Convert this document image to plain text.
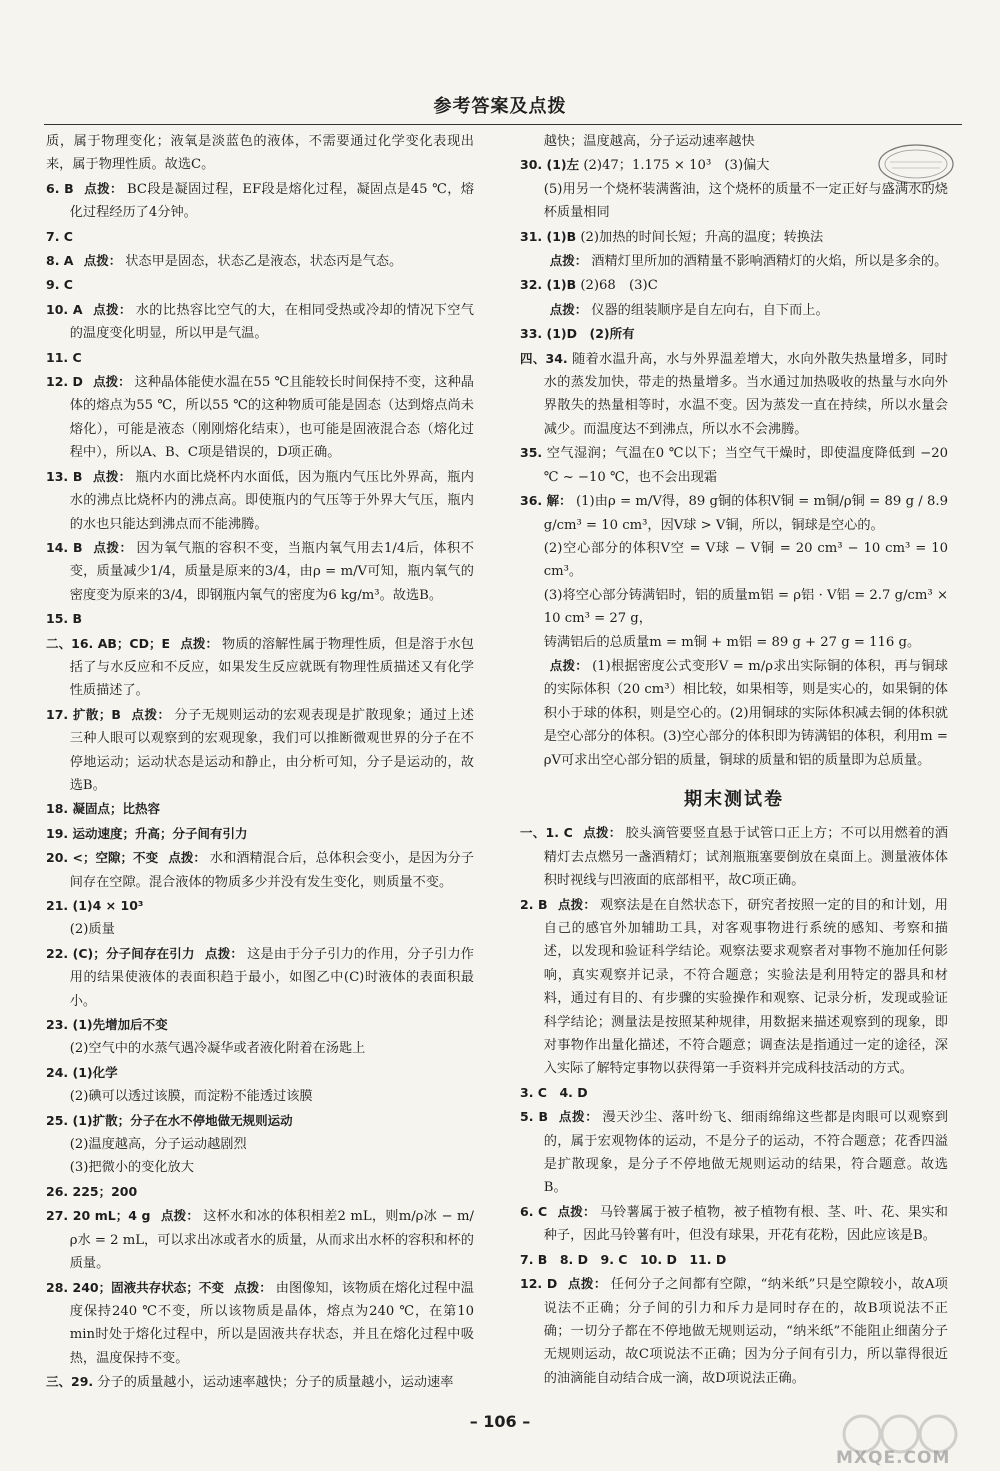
参考答案及点拨

质，属于物理变化；液氧是淡蓝色的液体，不需要通过化学变化表现出来，属于物理性质。故选C。

6. B 点拨： BC段是凝固过程，EF段是熔化过程，凝固点是45 ℃，熔化过程经历了4分钟。

7. C

8. A 点拨： 状态甲是固态，状态乙是液态，状态丙是气态。

9. C

10. A 点拨： 水的比热容比空气的大，在相同受热或冷却的情况下空气的温度变化明显，所以甲是气温。

11. C

12. D 点拨： 这种晶体能使水温在55 ℃且能较长时间保持不变，这种晶体的熔点为55 ℃，所以55 ℃的这种物质可能是固态（达到熔点尚未熔化），可能是液态（刚刚熔化结束），也可能是固液混合态（熔化过程中），所以A、B、C项是错误的，D项正确。

13. B 点拨： 瓶内水面比烧杯内水面低，因为瓶内气压比外界高，瓶内水的沸点比烧杯内的沸点高。即使瓶内的气压等于外界大气压，瓶内的水也只能达到沸点而不能沸腾。

14. B 点拨： 因为氧气瓶的容积不变，当瓶内氧气用去1/4后，体积不变，质量减少1/4，质量是原来的3/4，由ρ = m/V可知，瓶内氧气的密度变为原来的3/4，即钢瓶内氧气的密度为6 kg/m³。故选B。

15. B

二、16. AB；CD；E 点拨： 物质的溶解性属于物理性质，但是溶于水包括了与水反应和不反应，如果发生反应就既有物理性质描述又有化学性质描述了。

17. 扩散；B 点拨： 分子无规则运动的宏观表现是扩散现象；通过上述三种人眼可以观察到的宏观现象，我们可以推断微观世界的分子在不停地运动；运动状态是运动和静止，由分析可知，分子是运动的，故选B。

18. 凝固点；比热容

19. 运动速度；升高；分子间有引力

20. <；空隙；不变 点拨： 水和酒精混合后，总体积会变小，是因为分子间存在空隙。混合液体的物质多少并没有发生变化，则质量不变。

21. (1)4 × 10³

(2)质量

22. (C)；分子间存在引力 点拨： 这是由于分子引力的作用，分子引力作用的结果使液体的表面积趋于最小，如图乙中(C)时液体的表面积最小。

23. (1)先增加后不变

(2)空气中的水蒸气遇冷凝华或者液化附着在汤匙上

24. (1)化学

(2)碘可以透过该膜，而淀粉不能透过该膜

25. (1)扩散；分子在水不停地做无规则运动

(2)温度越高，分子运动越剧烈

(3)把微小的变化放大

26. 225；200

27. 20 mL；4 g 点拨： 这杯水和冰的体积相差2 mL，则m/ρ冰 − m/ρ水 = 2 mL，可以求出冰或者水的质量，从而求出水杯的容积和杯的质量。

28. 240；固液共存状态；不变 点拨： 由图像知，该物质在熔化过程中温度保持240 ℃不变，所以该物质是晶体，熔点为240 ℃，在第10 min时处于熔化过程中，所以是固液共存状态，并且在熔化过程中吸热，温度保持不变。

三、29. 分子的质量越小，运动速率越快；分子的质量越小，运动速率

越快；温度越高，分子运动速率越快

30. (1)左 (2)47；1.175 × 10³　(3)偏大

(5)用另一个烧杯装满酱油，这个烧杯的质量不一定正好与盛满水的烧杯质量相同

31. (1)B (2)加热的时间长短；升高的温度；转换法

点拨： 酒精灯里所加的酒精量不影响酒精灯的火焰，所以是多余的。

32. (1)B (2)68　(3)C

点拨： 仪器的组装顺序是自左向右，自下而上。

33. (1)D　(2)所有

四、34. 随着水温升高，水与外界温差增大，水向外散失热量增多，同时水的蒸发加快，带走的热量增多。当水通过加热吸收的热量与水向外界散失的热量相等时，水温不变。因为蒸发一直在持续，所以水量会减少。而温度达不到沸点，所以水不会沸腾。

35. 空气湿润；气温在0 ℃以下；当空气干燥时，即使温度降低到 −20 ℃ ~ −10 ℃，也不会出现霜

36. 解： (1)由ρ = m/V得，89 g铜的体积V铜 = m铜/ρ铜 = 89 g / 8.9 g/cm³ = 10 cm³，因V球 > V铜，所以，铜球是空心的。

(2)空心部分的体积V空 = V球 − V铜 = 20 cm³ − 10 cm³ = 10 cm³。

(3)将空心部分铸满铝时，铝的质量m铝 = ρ铝 · V铝 = 2.7 g/cm³ × 10 cm³ = 27 g，

铸满铝后的总质量m = m铜 + m铝 = 89 g + 27 g = 116 g。

点拨： (1)根据密度公式变形V = m/ρ求出实际铜的体积，再与铜球的实际体积（20 cm³）相比较，如果相等，则是实心的，如果铜的体积小于球的体积，则是空心的。(2)用铜球的实际体积减去铜的体积就是空心部分的体积。(3)空心部分的体积即为铸满铝的体积，利用m = ρV可求出空心部分铝的质量，铜球的质量和铝的质量即为总质量。

期末测试卷

一、1. C 点拨： 胶头滴管要竖直悬于试管口正上方；不可以用燃着的酒精灯去点燃另一盏酒精灯；试剂瓶瓶塞要倒放在桌面上。测量液体体积时视线与凹液面的底部相平，故C项正确。

2. B 点拨： 观察法是在自然状态下，研究者按照一定的目的和计划，用自己的感官外加辅助工具，对客观事物进行系统的感知、考察和描述，以发现和验证科学结论。观察法要求观察者对事物不施加任何影响，真实观察并记录，不符合题意；实验法是利用特定的器具和材料，通过有目的、有步骤的实验操作和观察、记录分析，发现或验证科学结论；测量法是按照某种规律，用数据来描述观察到的现象，即对事物作出量化描述，不符合题意；调查法是指通过一定的途径，深入实际了解特定事物以获得第一手资料并完成科技活动的方式。

3. C　4. D

5. B 点拨： 漫天沙尘、落叶纷飞、细雨绵绵这些都是肉眼可以观察到的，属于宏观物体的运动，不是分子的运动，不符合题意；花香四溢是扩散现象，是分子不停地做无规则运动的结果，符合题意。故选B。

6. C 点拨： 马铃薯属于被子植物，被子植物有根、茎、叶、花、果实和种子，因此马铃薯有叶，但没有球果，开花有花粉，因此应该是B。

7. B　8. D　9. C　10. D　11. D

12. D 点拨： 任何分子之间都有空隙，“纳米纸”只是空隙较小，故A项说法不正确；分子间的引力和斥力是同时存在的，故B项说法不正确；一切分子都在不停地做无规则运动，“纳米纸”不能阻止细菌分子无规则运动，故C项说法不正确；因为分子间有引力，所以靠得很近的油滴能自动结合成一滴，故D项说法正确。

– 106 –
MXQE.COM
